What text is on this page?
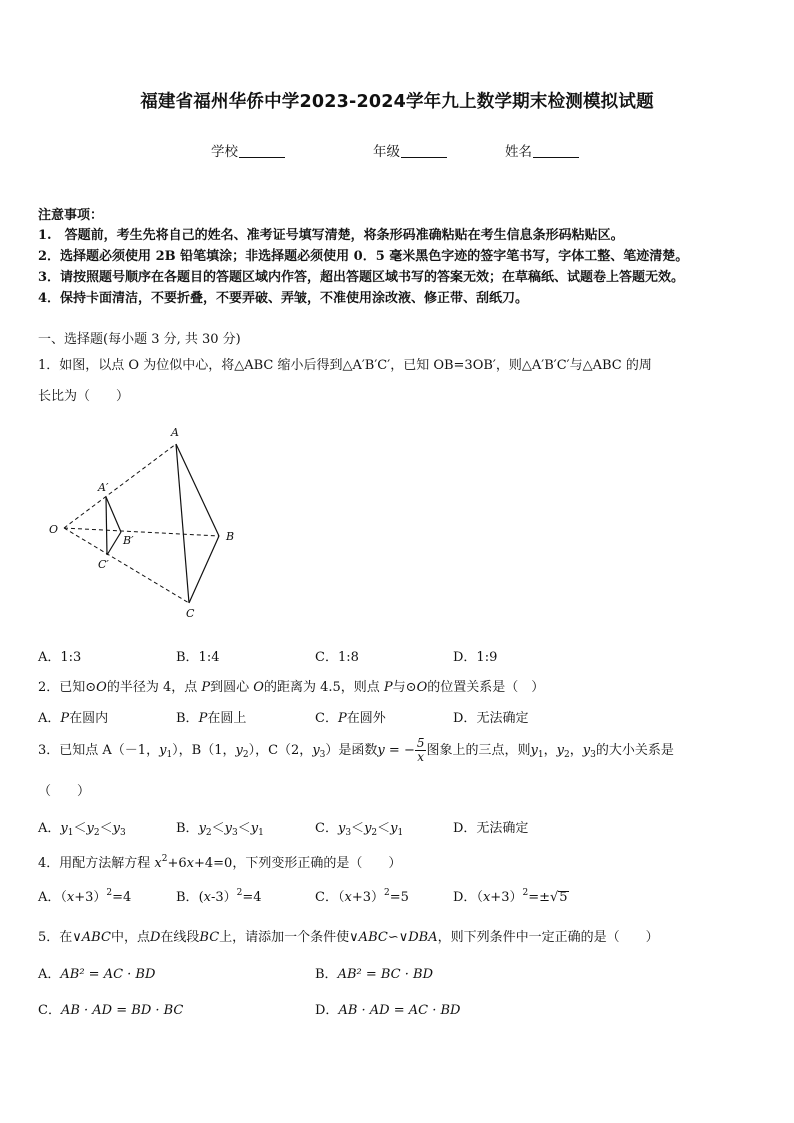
福建省福州华侨中学2023-2024学年九上数学期末检测模拟试题
学校	年级	姓名
注意事项：
1.　答题前，考生先将自己的姓名、准考证号填写清楚，将条形码准确粘贴在考生信息条形码粘贴区。
2．选择题必须使用 2B 铅笔填涂；非选择题必须使用 0．5 毫米黑色字迹的签字笔书写，字体工整、笔迹清楚。
3．请按照题号顺序在各题目的答题区域内作答，超出答题区域书写的答案无效；在草稿纸、试题卷上答题无效。
4．保持卡面清洁，不要折叠，不要弄破、弄皱，不准使用涂改液、修正带、刮纸刀。
一、选择题(每小题 3 分, 共 30 分)
1．如图，以点 O 为位似中心，将△ABC 缩小后得到△A′B′C′，已知 OB=3OB′，则△A′B′C′与△ABC 的周
长比为（　　）
O
A
B
C
A′
B′
C′
A．1:3	B．1:4	C．1:8	D．1:9
2．已知⊙O的半径为 4，点 P到圆心 O的距离为 4.5，则点 P与⊙O的位置关系是（　）
A．P在圆内	B．P在圆上	C．P在圆外	D．无法确定
3．已知点 A（－1，$y_1$），B（1，$y_2$），C（2，$y_3$）是函数y = − $\frac{5}{x}$ 图象上的三点，则$y_1$，$y_2$，$y_3$的大小关系是
（　　）
A．$y_1<y_2<y_3$	B．$y_2<y_3<y_1$	C．$y_3<y_2<y_1$	D．无法确定
4．用配方法解方程 $x^2+6x+4=0$，下列变形正确的是（　　）
A．$(x+3)^2=4$	B．(x-3）$^2$=4	C．$(x+3)^2=5$	D．$(x+3)^2=\pm√5$
5．在∨ABC中，点D在线段BC上，请添加一个条件使∨ABC∽∨DBA，则下列条件中一定正确的是（　　）
A．AB² = AC · BD	B．AB² = BC · BD
C．AB · AD = BD · BC	D．AB · AD = AC · BD
